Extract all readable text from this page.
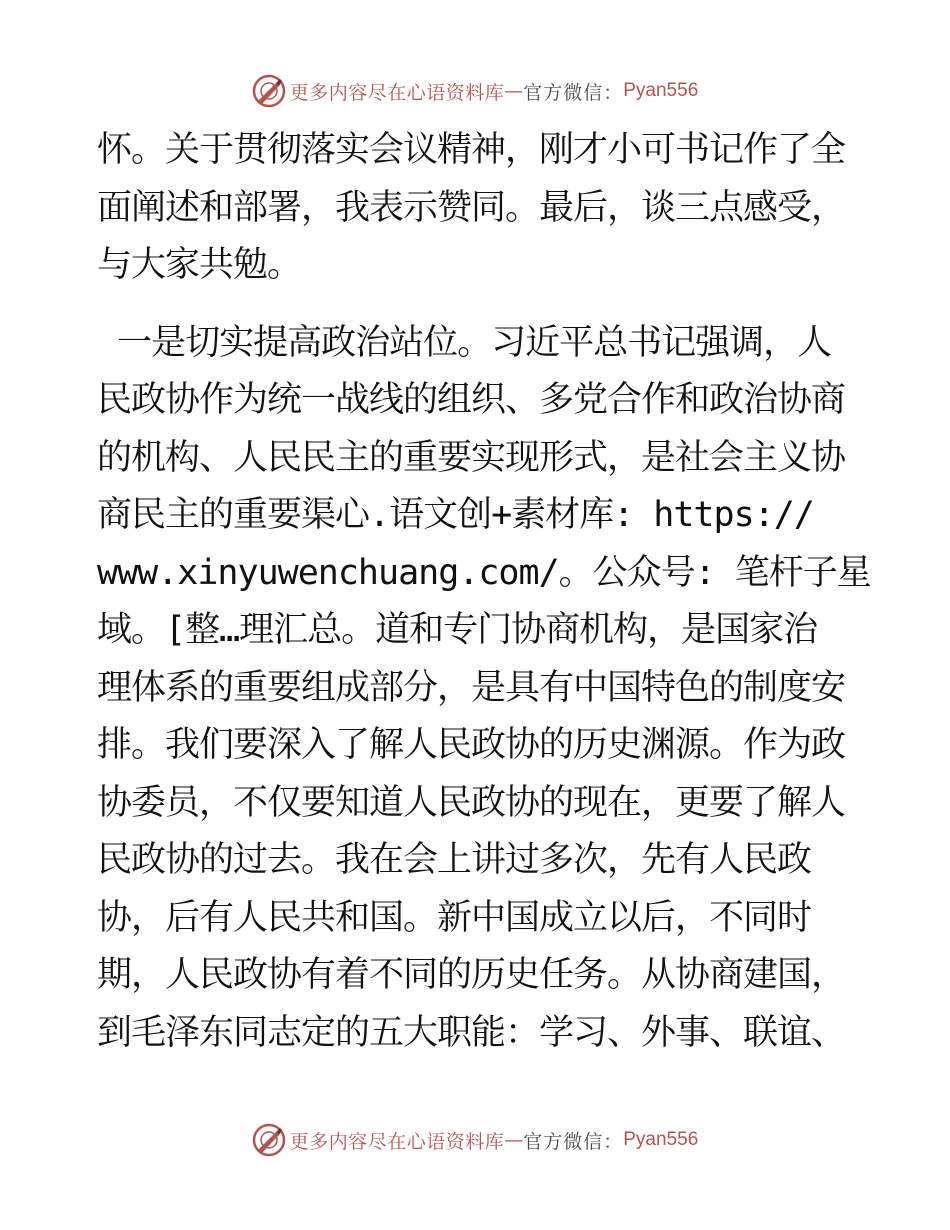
更多内容尽在心语资料库 — 官方微信： Pyan556
怀。关于贯彻落实会议精神，刚才小可书记作了全
面阐述和部署，我表示赞同。最后，谈三点感受，
与大家共勉。
一是切实提高政治站位。习近平总书记强调，人
民政协作为统一战线的组织、多党合作和政治协商
的机构、人民民主的重要实现形式，是社会主义协
商民主的重要渠心.语文创+素材库: https://
www.xinyuwenchuang.com/。公众号: 笔杆子星
域。[整…理汇总。道和专门协商机构，是国家治
理体系的重要组成部分，是具有中国特色的制度安
排。我们要深入了解人民政协的历史渊源。作为政
协委员，不仅要知道人民政协的现在，更要了解人
民政协的过去。我在会上讲过多次，先有人民政
协，后有人民共和国。新中国成立以后，不同时
期，人民政协有着不同的历史任务。从协商建国，
到毛泽东同志定的五大职能：学习、外事、联谊、
更多内容尽在心语资料库 — 官方微信： Pyan556
